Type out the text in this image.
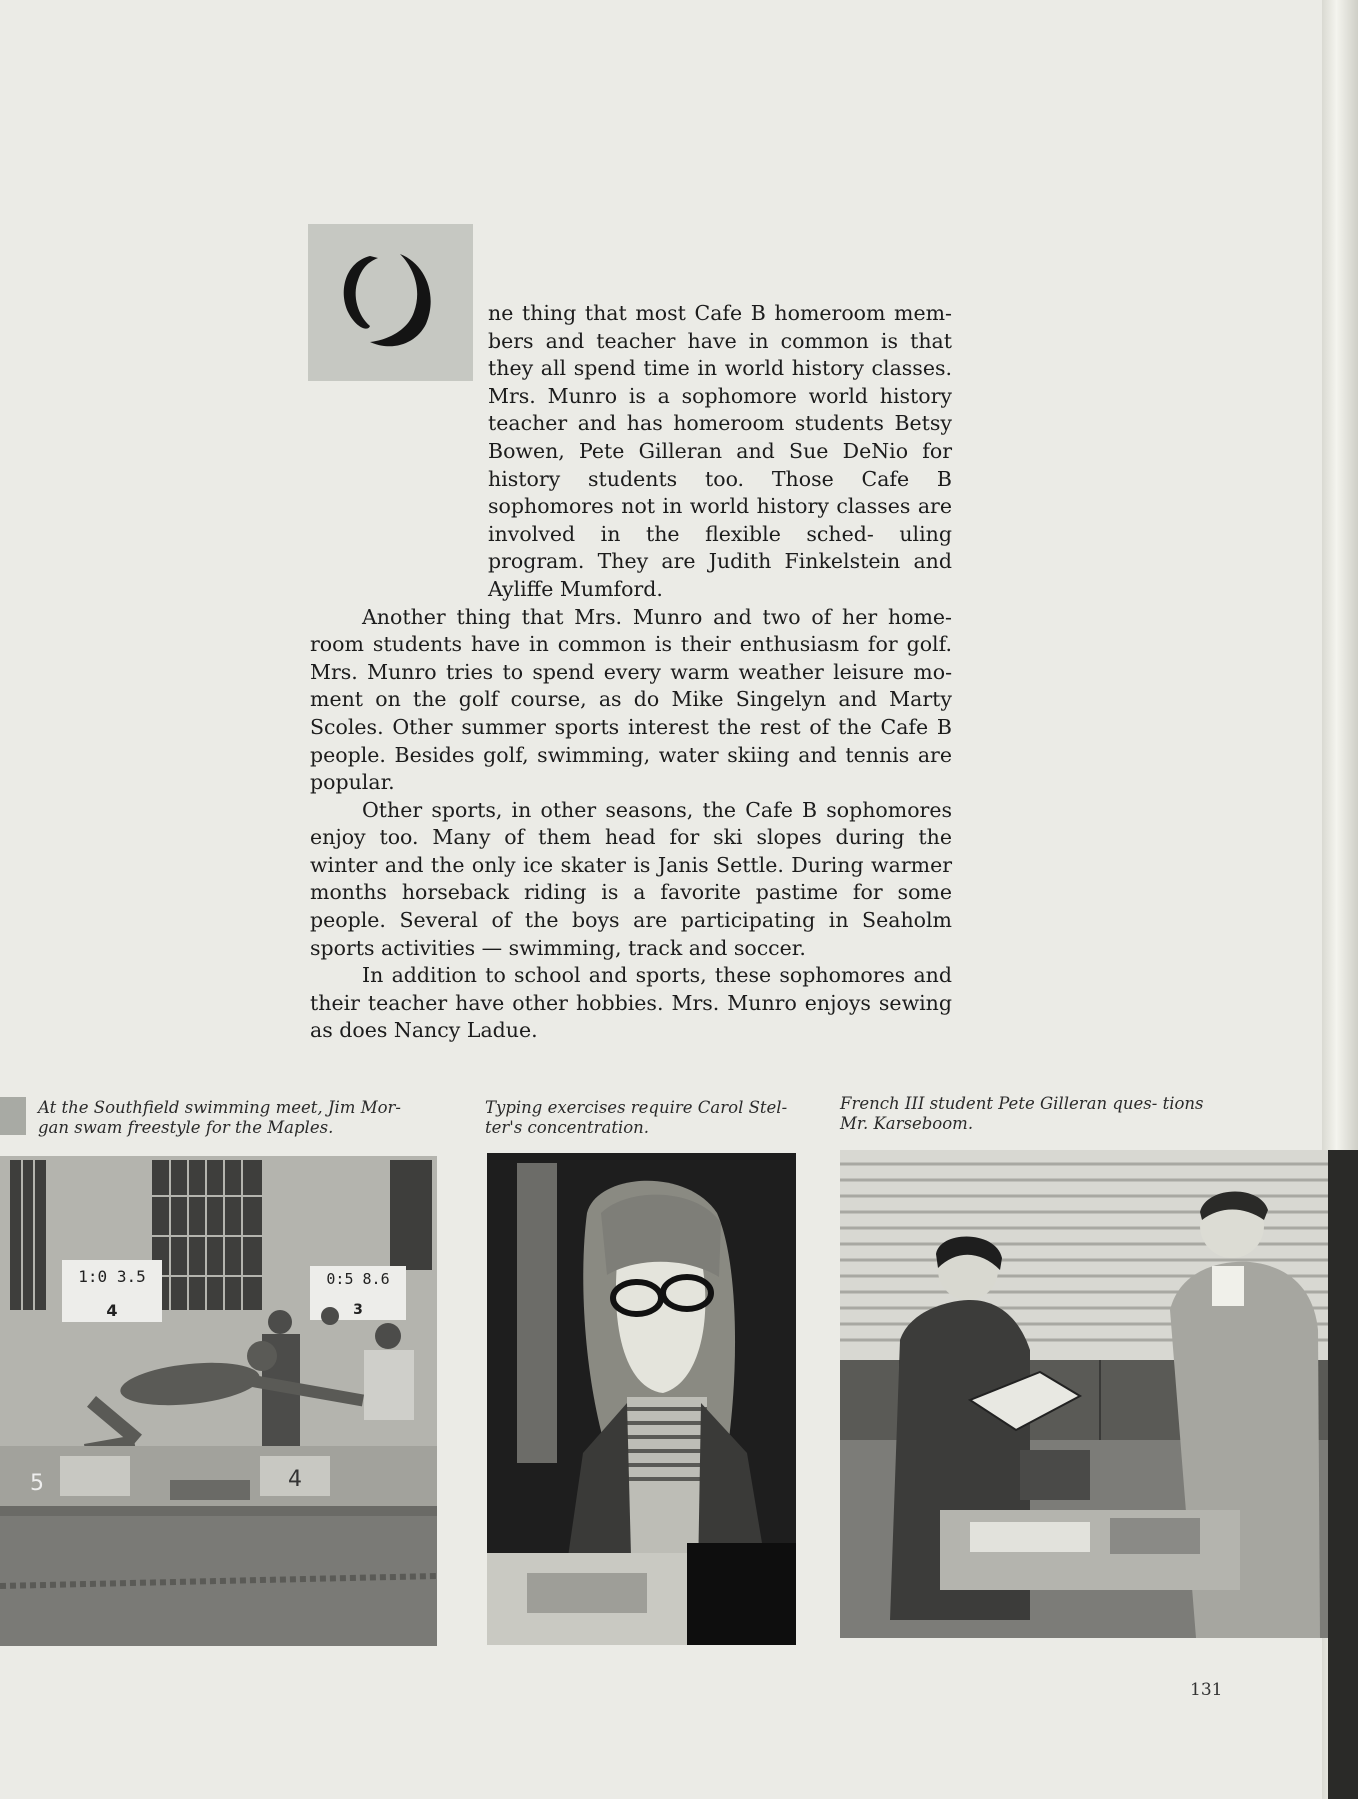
ne thing that most Cafe B homeroom mem- bers and teacher have in common is that they all spend time in world history classes. Mrs. Munro is a sophomore world history teacher and has homeroom students Betsy Bowen, Pete Gilleran and Sue DeNio for history students too. Those Cafe B sophomores not in world history classes are involved in the flexible sched- uling program. They are Judith Finkelstein and Ayliffe Mumford.

Another thing that Mrs. Munro and two of her home- room students have in common is their enthusiasm for golf. Mrs. Munro tries to spend every warm weather leisure mo- ment on the golf course, as do Mike Singelyn and Marty Scoles. Other summer sports interest the rest of the Cafe B people. Besides golf, swimming, water skiing and tennis are popular.

Other sports, in other seasons, the Cafe B sophomores enjoy too. Many of them head for ski slopes during the winter and the only ice skater is Janis Settle. During warmer months horseback riding is a favorite pastime for some people. Several of the boys are participating in Seaholm sports activities — swimming, track and soccer.

In addition to school and sports, these sophomores and their teacher have other hobbies. Mrs. Munro enjoys sewing as does Nancy Ladue.

At the Southfield swimming meet, Jim Mor- gan swam freestyle for the Maples.
Typing exercises require Carol Stel- ter's concentration.
French III student Pete Gilleran ques- tions Mr. Karseboom.
1:0 3.5
4
0:5 8.6
3
5	4
131
